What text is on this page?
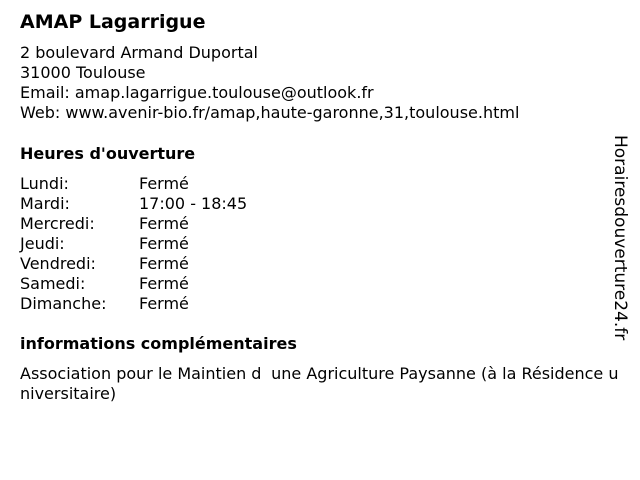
AMAP Lagarrigue
2 boulevard Armand Duportal
31000 Toulouse
Email: amap.lagarrigue.toulouse@outlook.fr
Web: www.avenir-bio.fr/amap,haute-garonne,31,toulouse.html
Heures d'ouverture
Lundi:	Fermé
Mardi:	17:00 - 18:45
Mercredi:	Fermé
Jeudi:	Fermé
Vendredi:	Fermé
Samedi:	Fermé
Dimanche: Fermé
informations complémentaires
Association pour le Maintien dune Agriculture Paysanne (à la Résidence universitaire)
Horairesdouverture24.fr
